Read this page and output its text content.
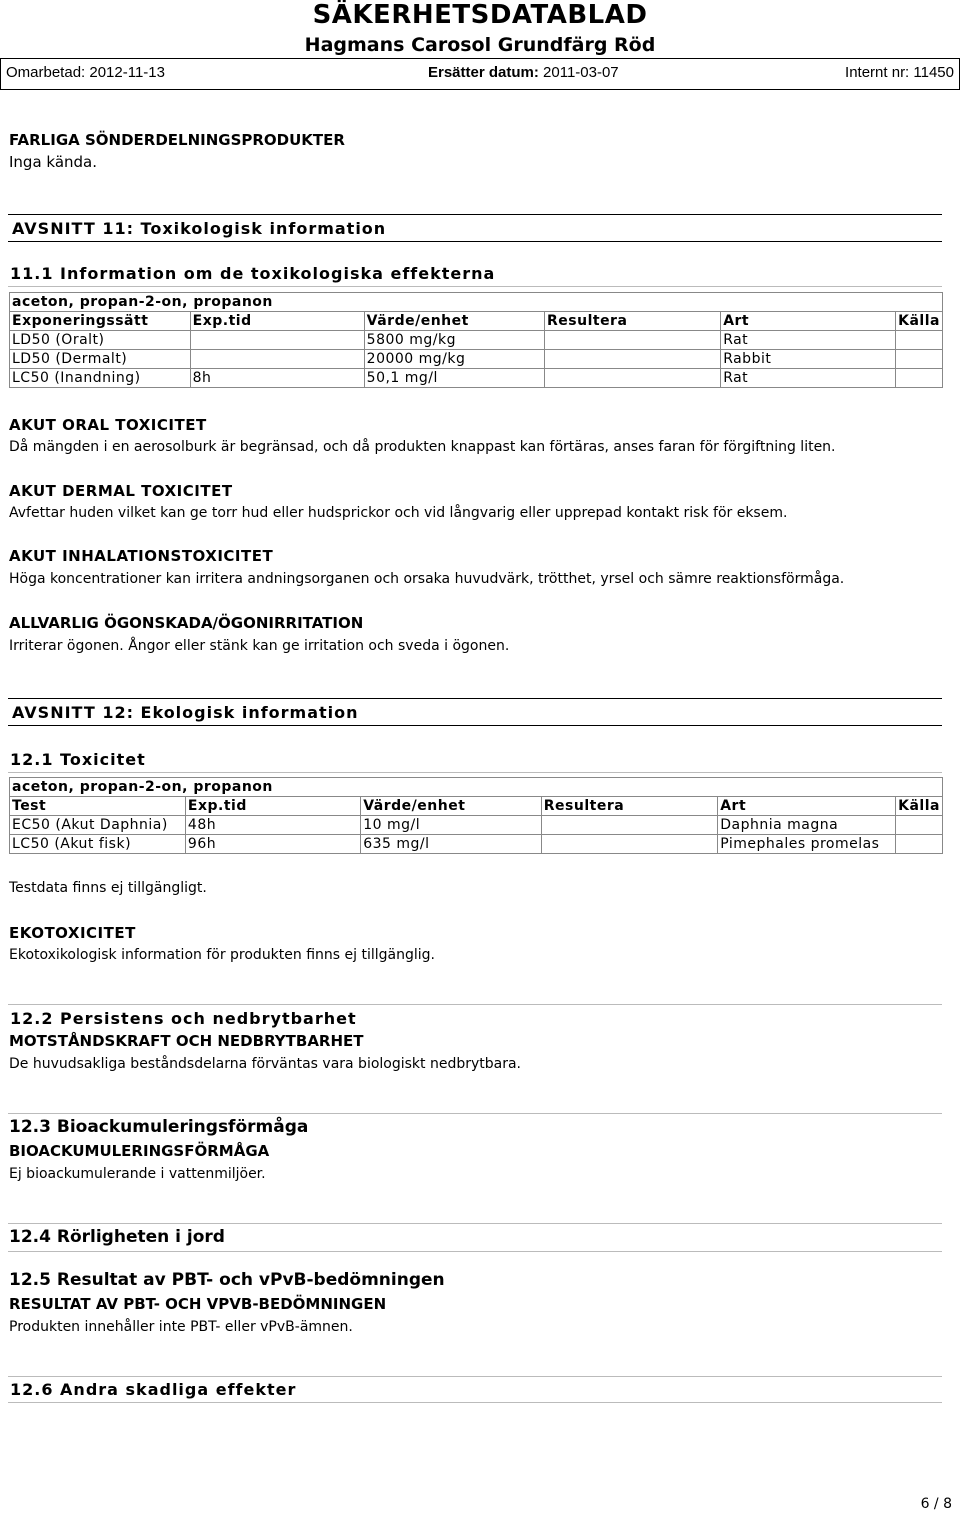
SÄKERHETSDATABLAD
Hagmans Carosol Grundfärg Röd
Omarbetad: 2012-11-13	Ersätter datum: 2011-03-07	Internt nr: 11450
FARLIGA SÖNDERDELNINGSPRODUKTER
Inga kända.
AVSNITT 11: Toxikologisk information
11.1 Information om de toxikologiska effekterna
aceton, propan-2-on, propanon					
Exponeringssätt	Exp.tid	Värde/enhet	Resultera	Art	Källa
LD50 (Oralt)		5800 mg/kg		Rat	
LD50 (Dermalt)		20000 mg/kg		Rabbit	
LC50 (Inandning)	8h	50,1 mg/l		Rat	
AKUT ORAL TOXICITET
Då mängden i en aerosolburk är begränsad, och då produkten knappast kan förtäras, anses faran för förgiftning liten.
AKUT DERMAL TOXICITET
Avfettar huden vilket kan ge torr hud eller hudsprickor och vid långvarig eller upprepad kontakt risk för eksem.
AKUT INHALATIONSTOXICITET
Höga koncentrationer kan irritera andningsorganen och orsaka huvudvärk, trötthet, yrsel och sämre reaktionsförmåga.
ALLVARLIG ÖGONSKADA/ÖGONIRRITATION
Irriterar ögonen. Ångor eller stänk kan ge irritation och sveda i ögonen.
AVSNITT 12: Ekologisk information
12.1 Toxicitet
aceton, propan-2-on, propanon					
Test	Exp.tid	Värde/enhet	Resultera	Art	Källa
EC50 (Akut Daphnia)	48h	10 mg/l		Daphnia magna	
LC50 (Akut fisk)	96h	635 mg/l		Pimephales promelas	
Testdata finns ej tillgängligt.
EKOTOXICITET
Ekotoxikologisk information för produkten finns ej tillgänglig.
12.2 Persistens och nedbrytbarhet
MOTSTÅNDSKRAFT OCH NEDBRYTBARHET
De huvudsakliga beståndsdelarna förväntas vara biologiskt nedbrytbara.
12.3 Bioackumuleringsförmåga
BIOACKUMULERINGSFÖRMÅGA
Ej bioackumulerande i vattenmiljöer.
12.4 Rörligheten i jord
12.5 Resultat av PBT- och vPvB-bedömningen
RESULTAT AV PBT- OCH VPVB-BEDÖMNINGEN
Produkten innehåller inte PBT- eller vPvB-ämnen.
12.6 Andra skadliga effekter
6 / 8
